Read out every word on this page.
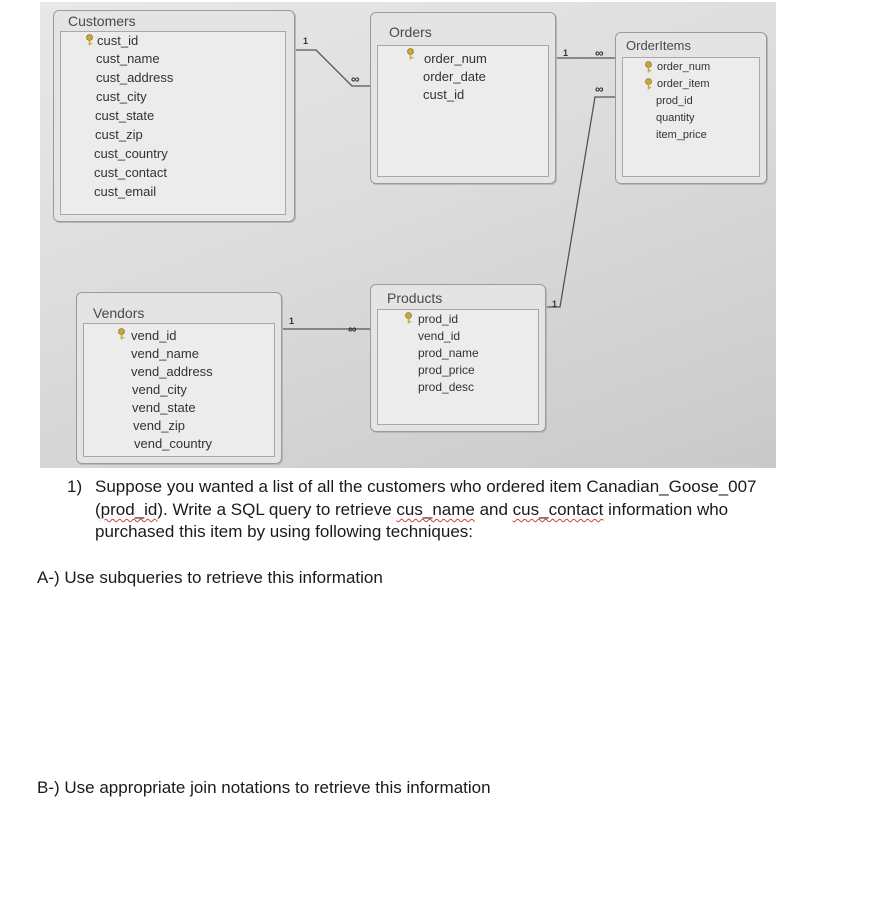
Customers
cust_id
cust_name
cust_address
cust_city
cust_state
cust_zip
cust_country
cust_contact
cust_email
Orders
order_num
order_date
cust_id
OrderItems
order_num
order_item
prod_id
quantity
item_price
Vendors
vend_id
vend_name
vend_address
vend_city
vend_state
vend_zip
vend_country
Products
prod_id
vend_id
prod_name
prod_price
prod_desc
1
∞
1 ∞
∞
1
1
∞
1) Suppose you wanted a list of all the customers who ordered item Canadian_Goose_007
(prod_id). Write a SQL query to retrieve cus_name and cus_contact information who
purchased this item by using following techniques:
A-) Use subqueries to retrieve this information
B-) Use appropriate join notations to retrieve this information
